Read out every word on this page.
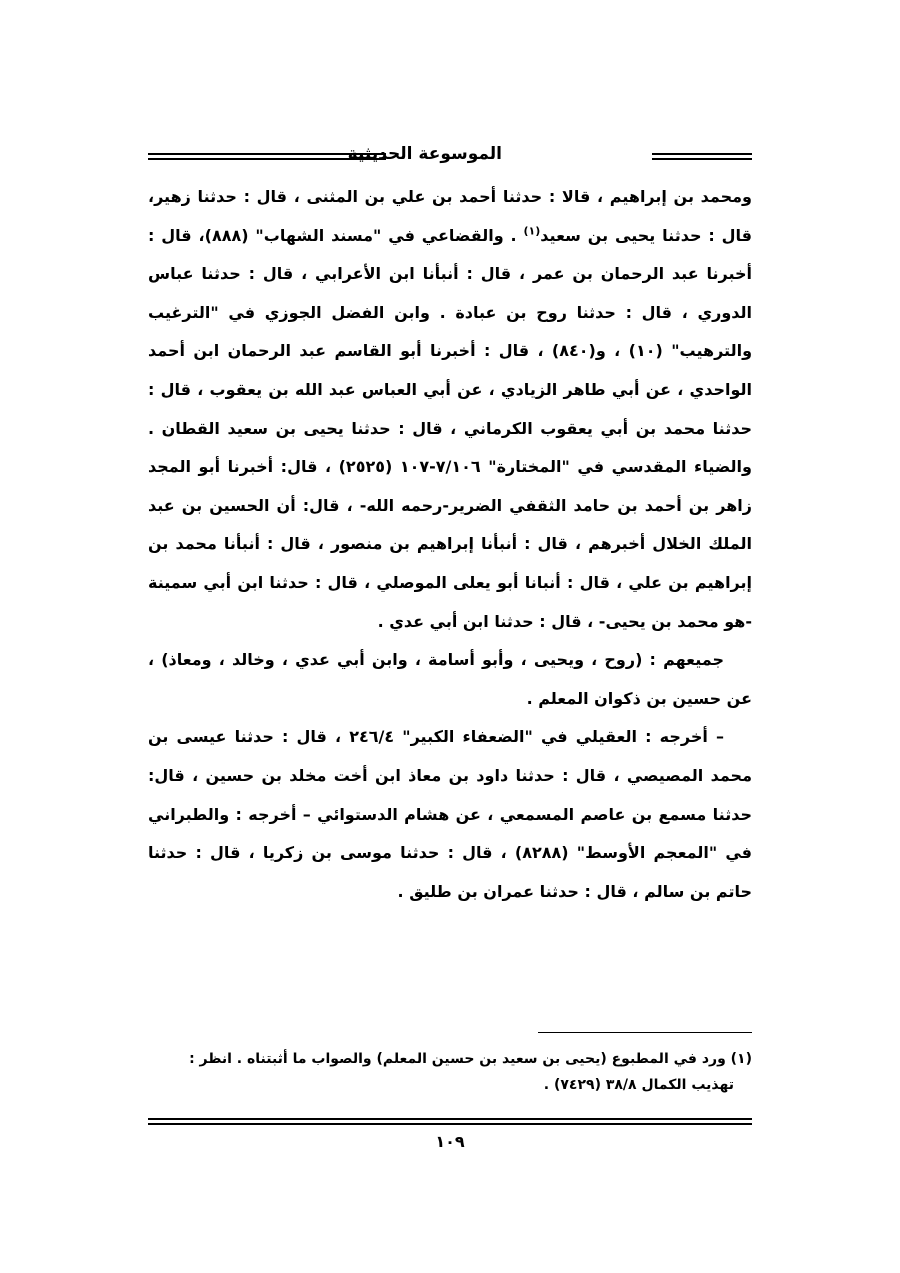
الموسوعة الحديثية

ومحمد بن إبراهيم ، قالا : حدثنا أحمد بن علي بن المثنى ، قال : حدثنا زهير، قال : حدثنا يحيى بن سعيد$^{(١)}$ . والقضاعي في "مسند الشهاب" (٨٨٨)، قال : أخبرنا عبد الرحمان بن عمر ، قال : أنبأنا ابن الأعرابي ، قال : حدثنا عباس الدوري ، قال : حدثنا روح بن عبادة . وابن الفضل الجوزي في "الترغيب والترهيب" (١٠) ، و(٨٤٠) ، قال : أخبرنا أبو القاسم عبد الرحمان ابن أحمد الواحدي ، عن أبي طاهر الزيادي ، عن أبي العباس عبد الله بن يعقوب ، قال : حدثنا محمد بن أبي يعقوب الكرماني ، قال : حدثنا يحيى بن سعيد القطان . والضياء المقدسي في "المختارة" ٧/١٠٦-١٠٧ (٢٥٢٥) ، قال: أخبرنا أبو المجد زاهر بن أحمد بن حامد الثقفي الضرير-رحمه الله- ، قال: أن الحسين بن عبد الملك الخلال أخبرهم ، قال : أنبأنا إبراهيم بن منصور ، قال : أنبأنا محمد بن إبراهيم بن علي ، قال : أنبانا أبو يعلى الموصلي ، قال : حدثنا ابن أبي سمينة -هو محمد بن يحيى- ، قال : حدثنا ابن أبي عدي .

جميعهم : (روح ، ويحيى ، وأبو أسامة ، وابن أبي عدي ، وخالد ، ومعاذ) ، عن حسين بن ذكوان المعلم .

– أخرجه : العقيلي في "الضعفاء الكبير" ٢٤٦/٤ ، قال : حدثنا عيسى بن محمد المصيصي ، قال : حدثنا داود بن معاذ ابن أخت مخلد بن حسين ، قال: حدثنا مسمع بن عاصم المسمعي ، عن هشام الدستوائي – أخرجه : والطبراني في "المعجم الأوسط" (٨٢٨٨) ، قال : حدثنا موسى بن زكريا ، قال : حدثنا حاتم بن سالم ، قال : حدثنا عمران بن طليق .

(١) ورد في المطبوع (يحيى بن سعيد بن حسين المعلم) والصواب ما أثبتناه . انظر :
تهذيب الكمال ٣٨/٨ (٧٤٢٩) .
١٠٩
